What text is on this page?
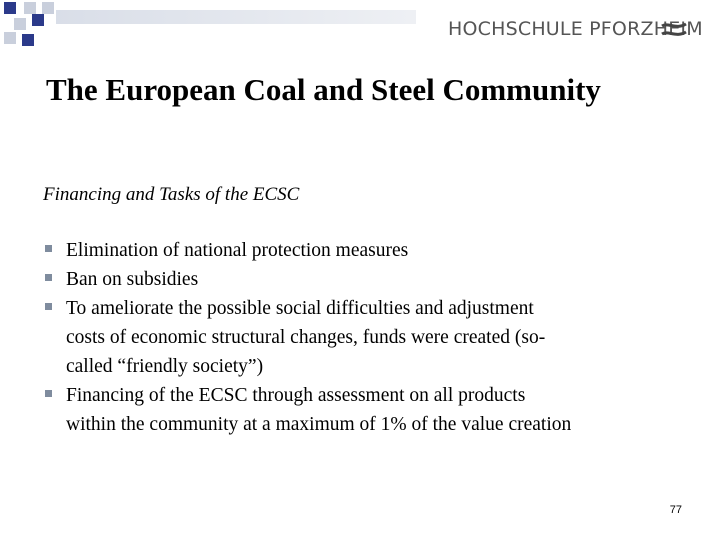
HOCHSCHULE PFORZHEIM
The European Coal and Steel Community

Financing and Tasks of the ECSC

Elimination of national protection measures
Ban on subsidies
To ameliorate the possible social difficulties and adjustment
costs of economic structural changes, funds were created (so-
called “friendly society”)
Financing of the ECSC through assessment on all products
within the community at a maximum of 1% of the value creation
77
